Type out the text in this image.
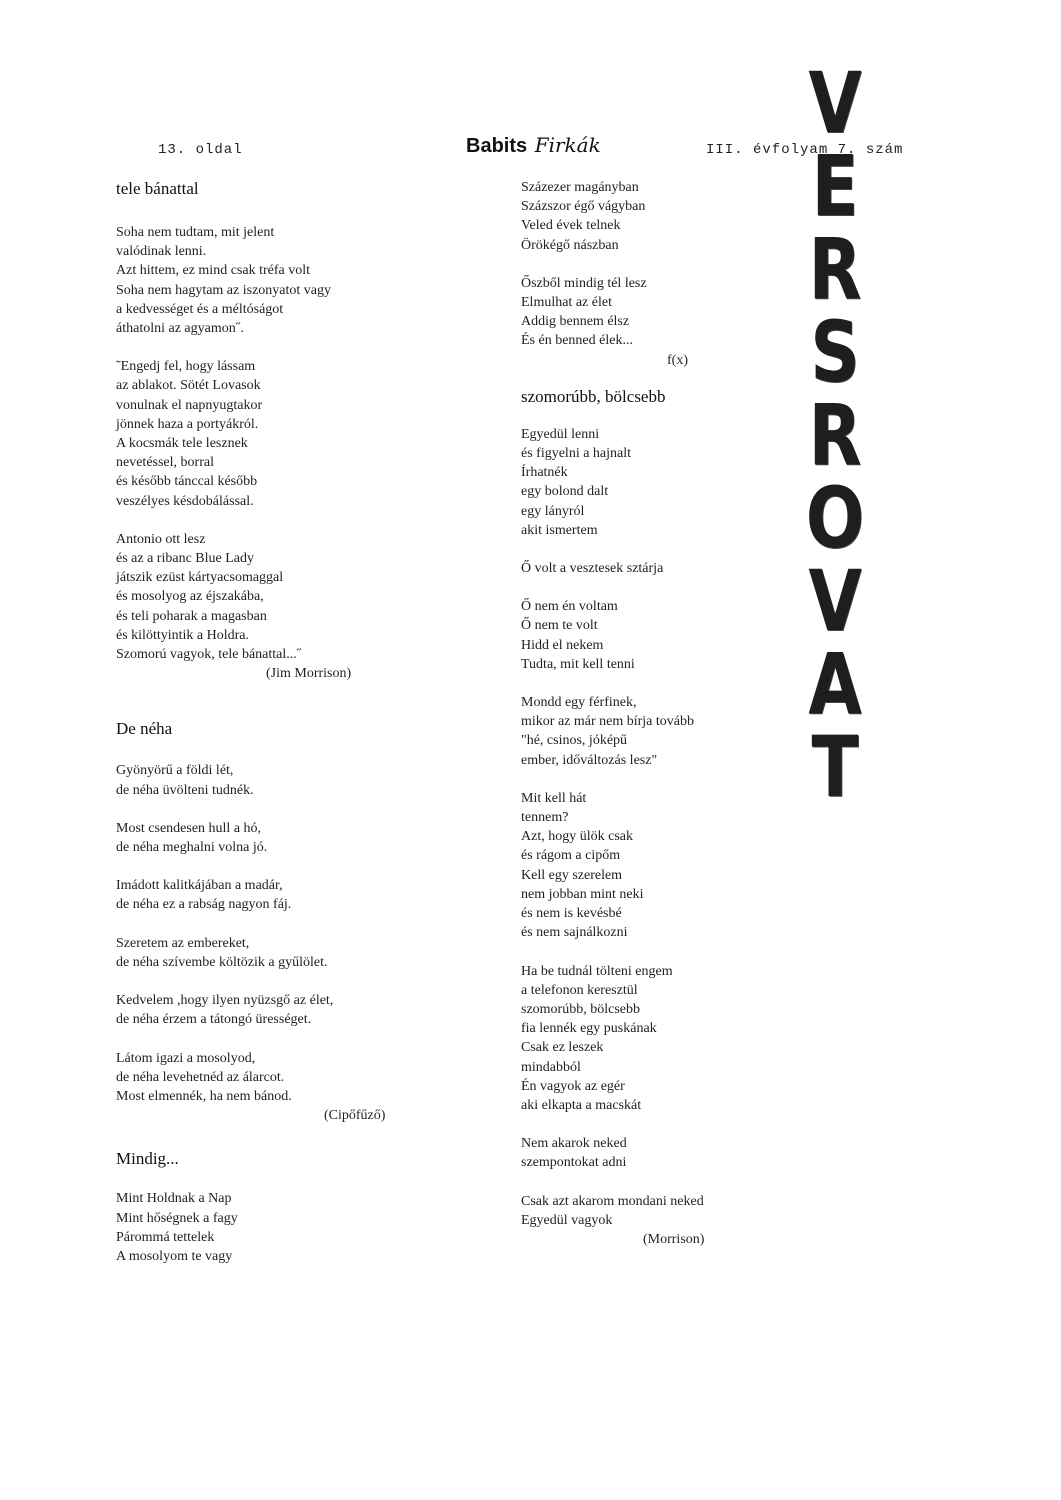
13. oldal	Babits Firkák	III. évfolyam 7. szám
V
E
R
S
R
O
V
A
T
tele bánattal
Soha nem tudtam, mit jelent
valódinak lenni.
Azt hittem, ez mind csak tréfa volt
Soha nem hagytam az iszonyatot vagy
a kedvességet és a méltóságot
áthatolni az agyamon˝.
˜Engedj fel, hogy lássam
az ablakot. Sötét Lovasok
vonulnak el napnyugtakor
jönnek haza a portyákról.
A kocsmák tele lesznek
nevetéssel, borral
és később tánccal később
veszélyes késdobálással.
Antonio ott lesz
és az a ribanc Blue Lady
játszik ezüst kártyacsomaggal
és mosolyog az éjszakába,
és teli poharak a magasban
és kilöttyintik a Holdra.
Szomorú vagyok, tele bánattal...˝
(Jim Morrison)
De néha
Gyönyörű a földi lét,
de néha üvölteni tudnék.
Most csendesen hull a hó,
de néha meghalni volna jó.
Imádott kalitkájában a madár,
de néha ez a rabság nagyon fáj.
Szeretem az embereket,
de néha szívembe költözik a gyűlölet.
Kedvelem ,hogy ilyen nyüzsgő az élet,
de néha érzem a tátongó ürességet.
Látom igazi a mosolyod,
de néha levehetnéd az álarcot.
Most elmennék, ha nem bánod.
(Cipőfűző)
Mindig...
Mint Holdnak a Nap
Mint hőségnek a fagy
Párommá tettelek
A mosolyom te vagy
Százezer magányban
Százszor égő vágyban
Veled évek telnek
Örökégő nászban
Őszből mindig tél lesz
Elmulhat az élet
Addig bennem élsz
És én benned élek...
f(x)
szomorúbb, bölcsebb
Egyedül lenni
és figyelni a hajnalt
Írhatnék
egy bolond dalt
egy lányról
akit ismertem
Ő volt a vesztesek sztárja
Ő nem én voltam
Ő nem te volt
Hidd el nekem
Tudta, mit kell tenni
Mondd egy férfinek,
mikor az már nem bírja tovább
"hé, csinos, jóképű
ember, időváltozás lesz"
Mit kell hát
tennem?
Azt, hogy ülök csak
és rágom a cipőm
Kell egy szerelem
nem jobban mint neki
és nem is kevésbé
és nem sajnálkozni
Ha be tudnál tölteni engem
a telefonon keresztül
szomorúbb, bölcsebb
fia lennék egy puskának
Csak ez leszek
mindabból
Én vagyok az egér
aki elkapta a macskát
Nem akarok neked
szempontokat adni
Csak azt akarom mondani neked
Egyedül vagyok
(Morrison)
